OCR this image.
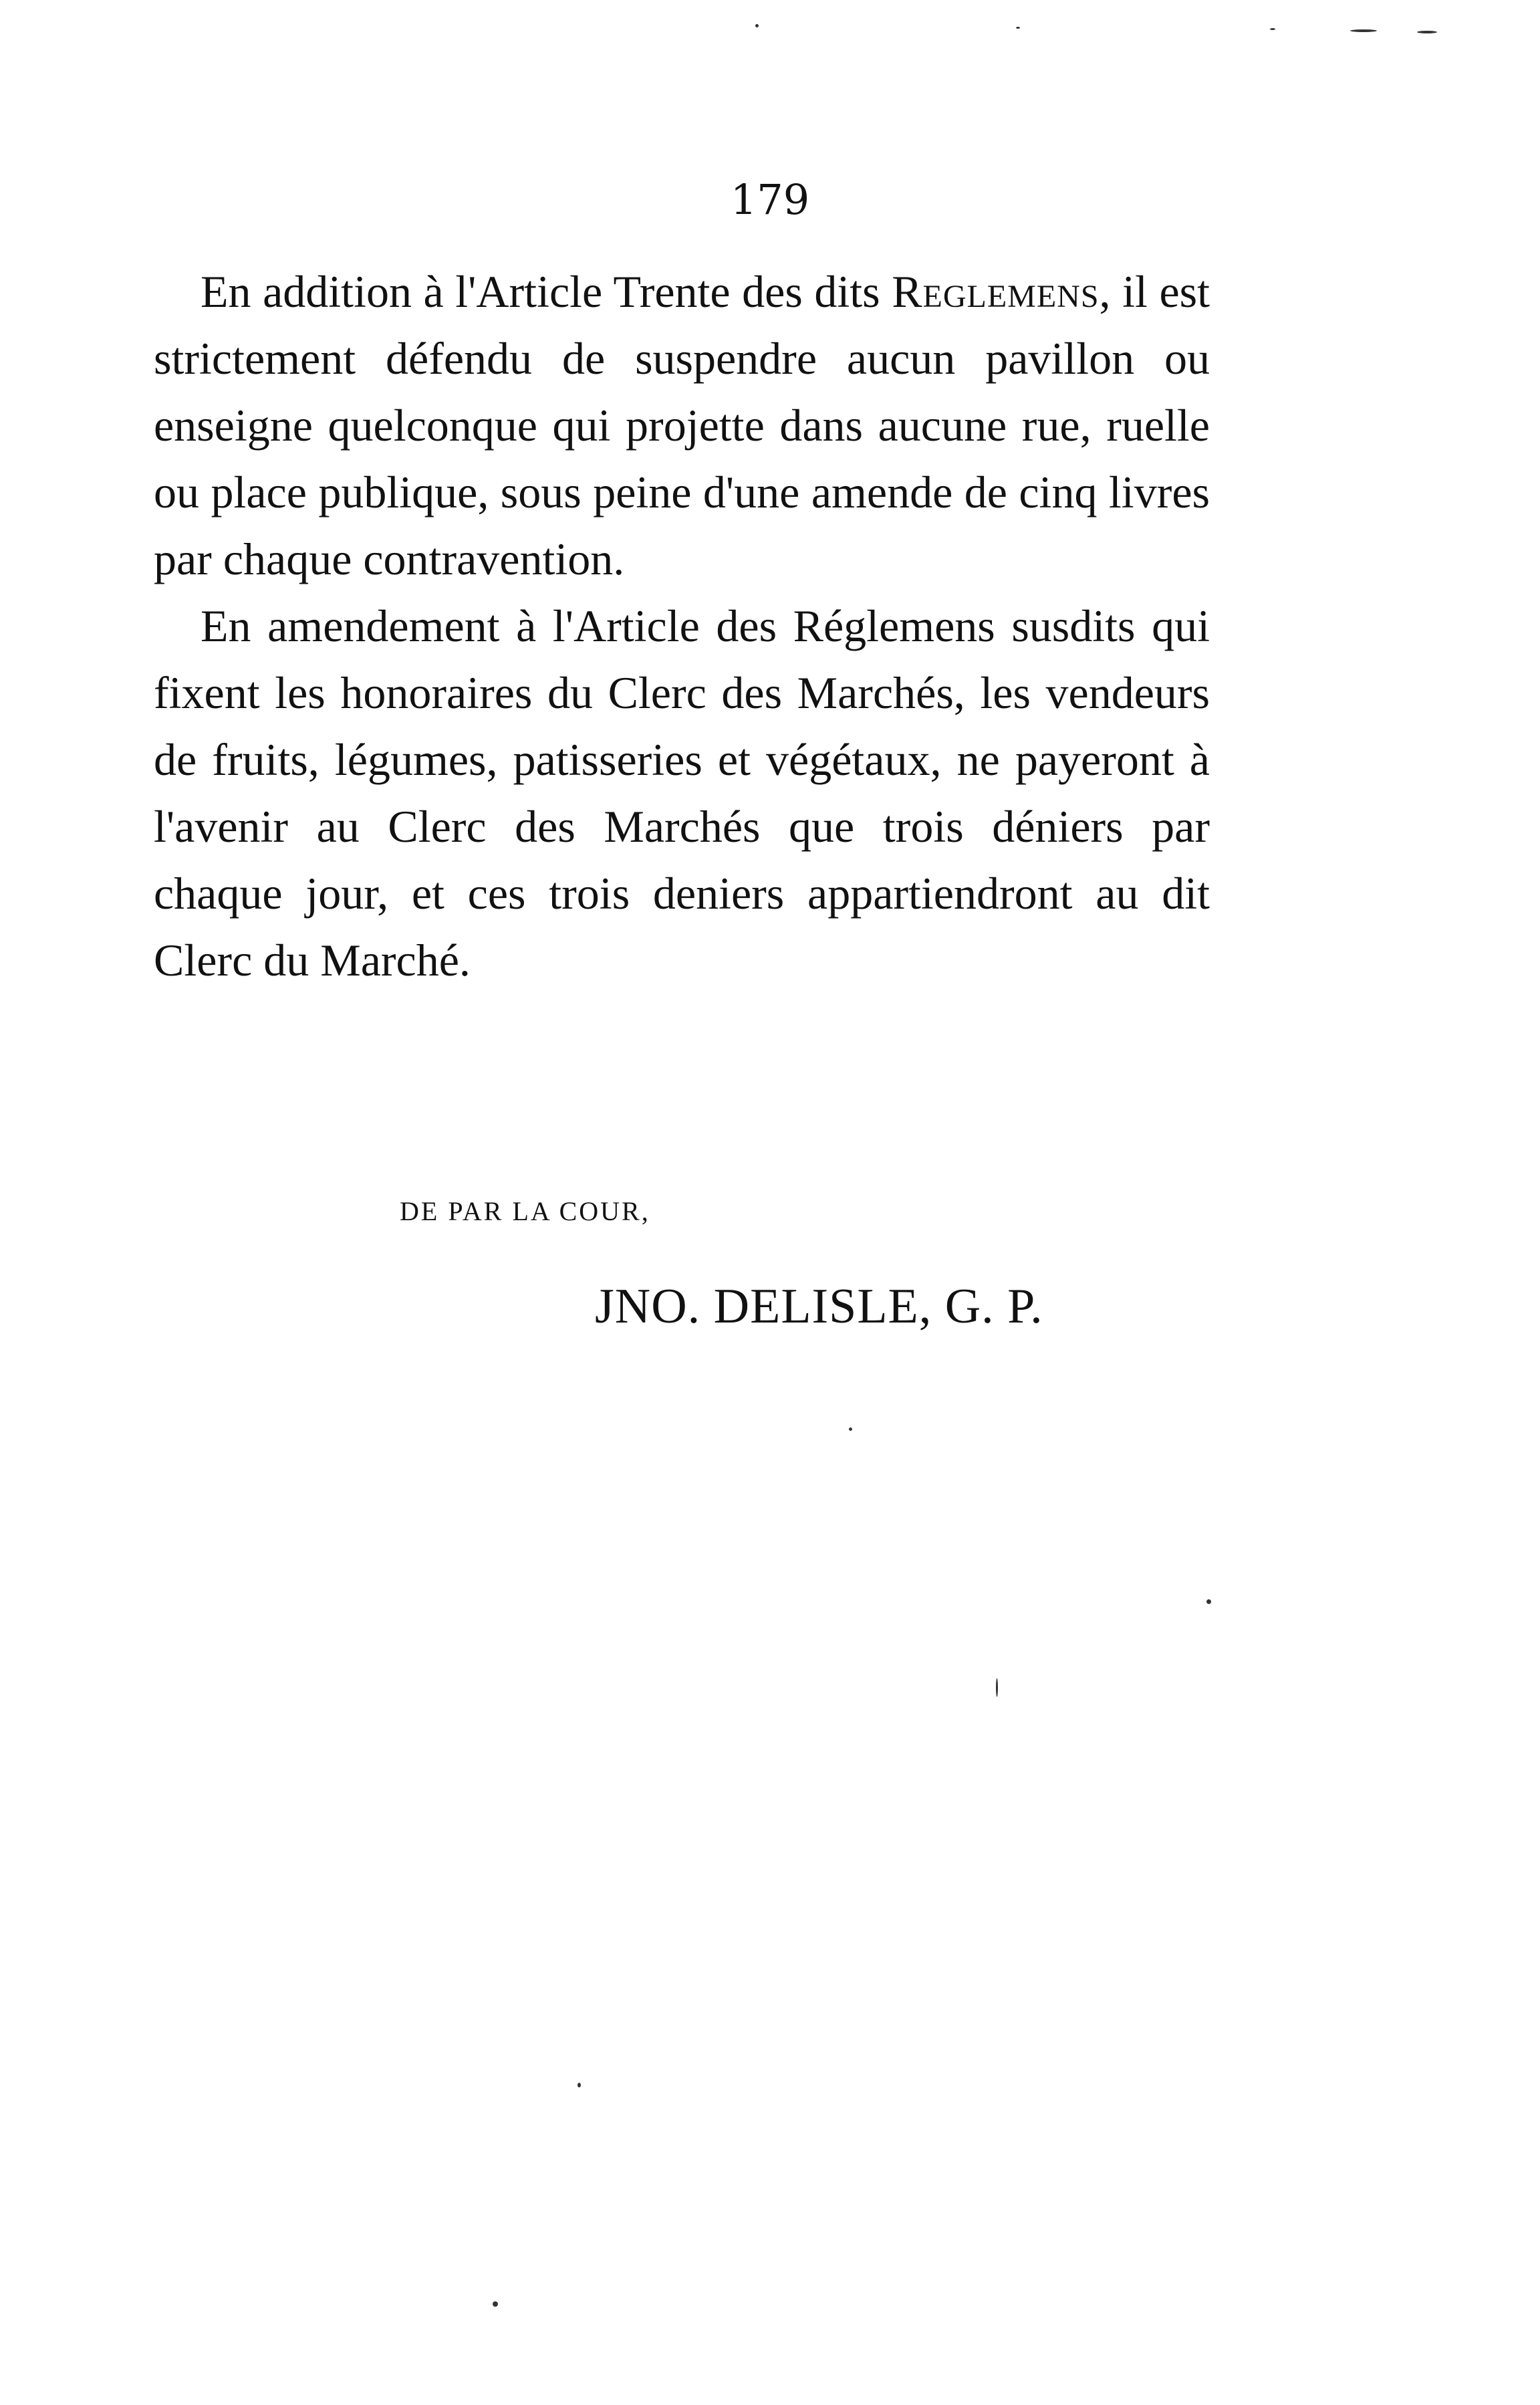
179

En addition à l'Article Trente des dits Reglemens, il est strictement défendu de suspendre aucun pavillon ou enseigne quelconque qui projette dans aucune rue, ruelle ou place publique, sous peine d'une amende de cinq livres par chaque contravention.

En amendement à l'Article des Réglemens susdits qui fixent les honoraires du Clerc des Marchés, les vendeurs de fruits, légumes, patisseries et végétaux, ne payeront à l'avenir au Clerc des Marchés que trois déniers par chaque jour, et ces trois deniers appartiendront au dit Clerc du Marché.

DE PAR LA COUR,
JNO. DELISLE, G. P.
